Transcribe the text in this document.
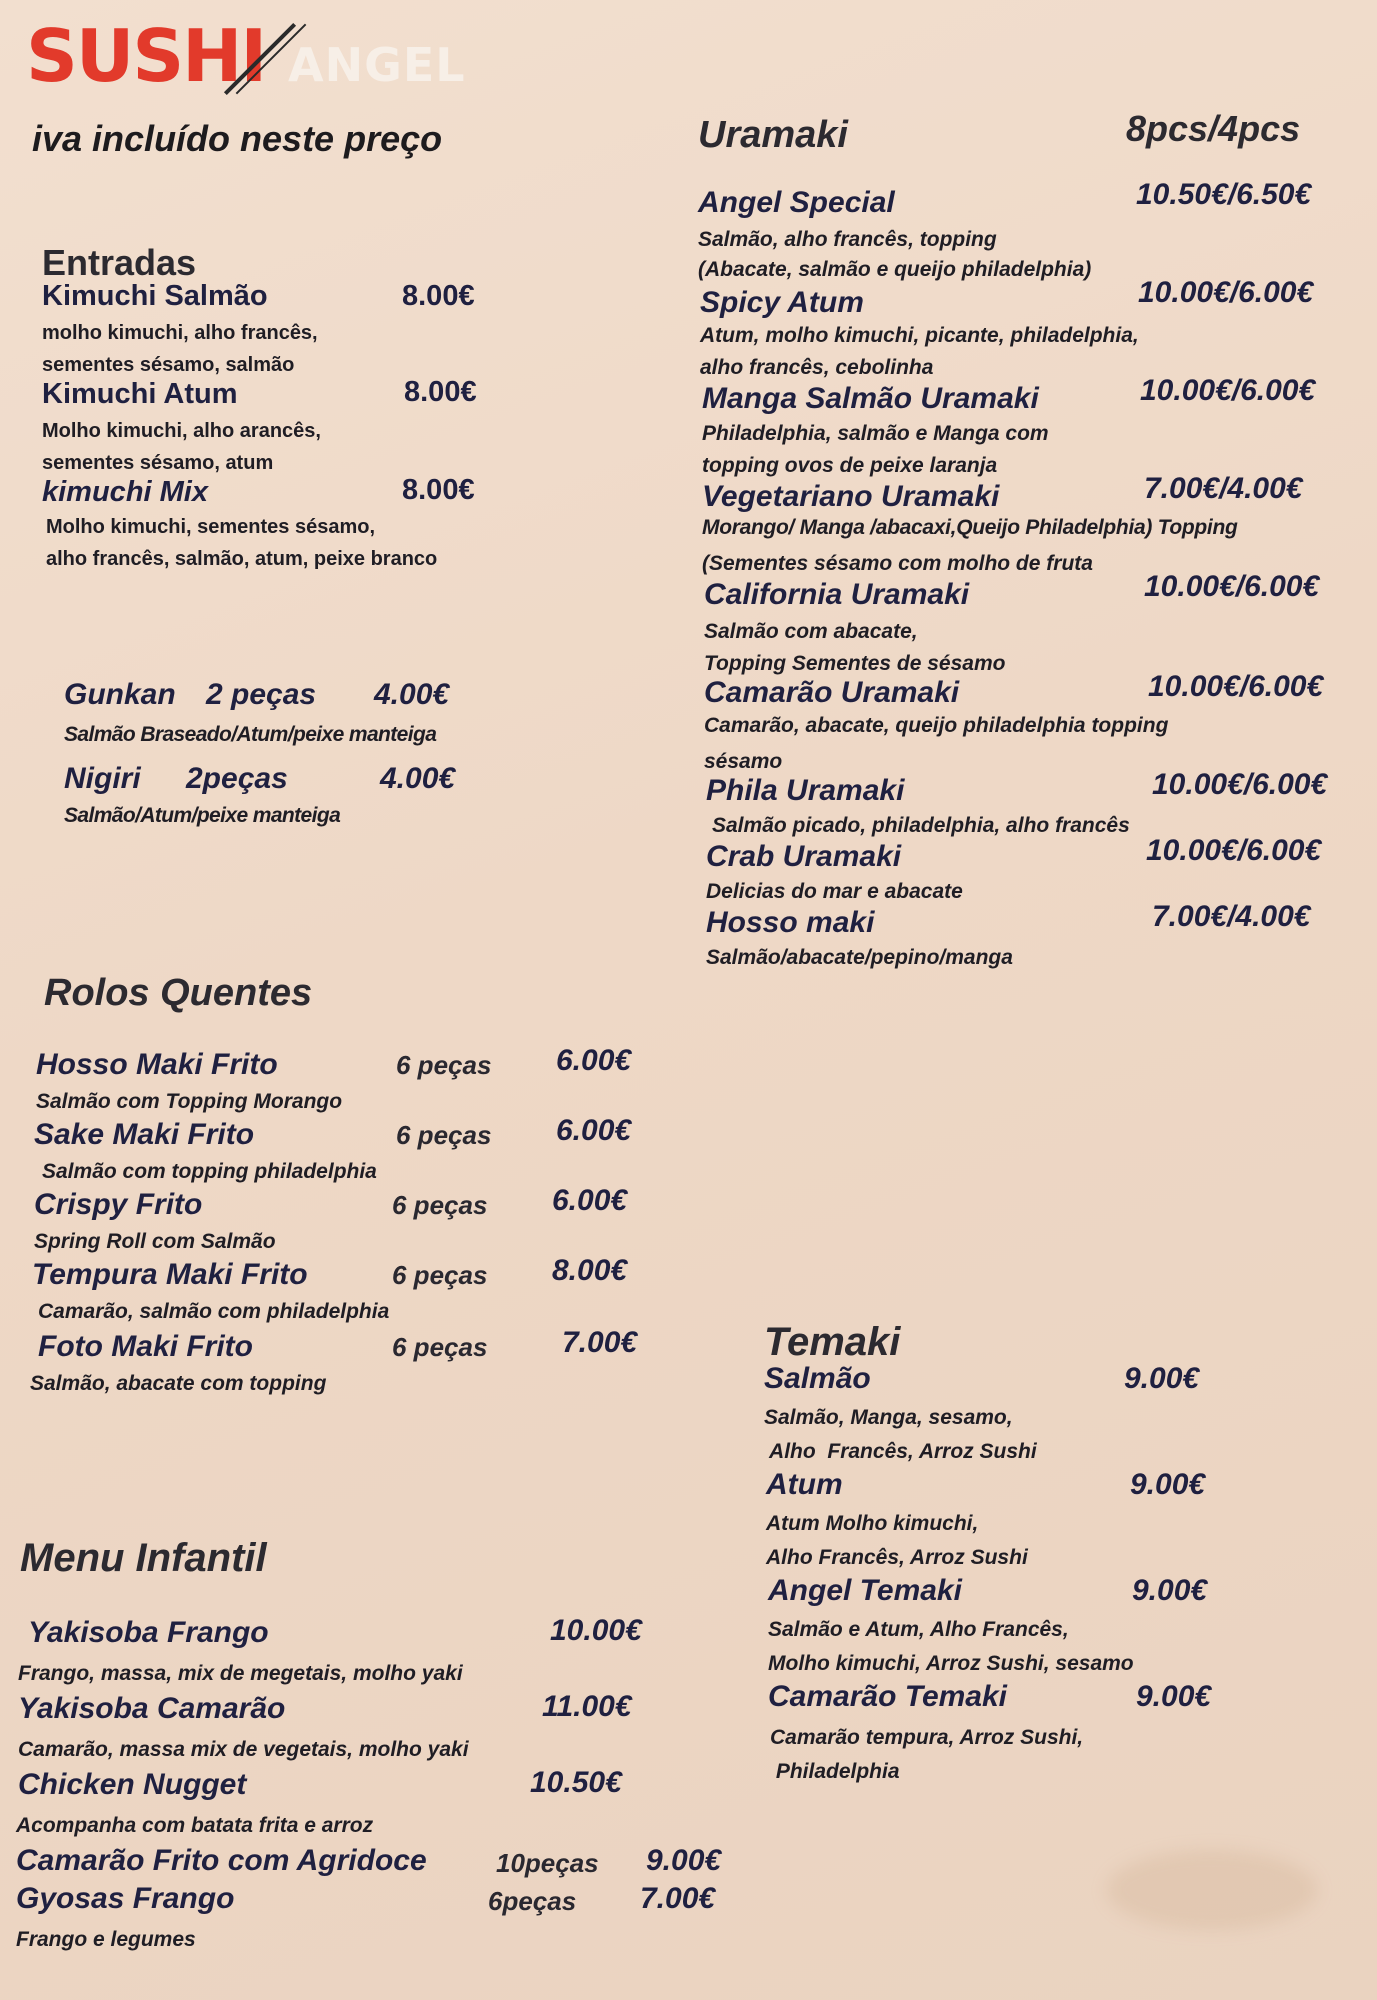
SUSHI ANGEL
iva incluído neste preço
Entradas
Kimuchi Salmão	8.00€
molho kimuchi, alho francês,
sementes sésamo, salmão
Kimuchi Atum	8.00€
Molho kimuchi, alho arancês,
sementes sésamo, atum
kimuchi Mix	8.00€
Molho kimuchi, sementes sésamo,
alho francês, salmão, atum, peixe branco
Gunkan 2 peças 4.00€
Salmão Braseado/Atum/peixe manteiga
Nigiri 2peças	4.00€
Salmão/Atum/peixe manteiga
Rolos Quentes
Hosso Maki Frito	6 peças 6.00€
Salmão com Topping Morango
Sake Maki Frito	6 peças 6.00€
Salmão com topping philadelphia
Crispy Frito	6 peças 6.00€
Spring Roll com Salmão
Tempura Maki Frito	6 peças 8.00€
Camarão, salmão com philadelphia
Foto Maki Frito	6 peças 7.00€
Salmão, abacate com topping
Menu Infantil
Yakisoba Frango	10.00€
Frango, massa, mix de megetais, molho yaki
Yakisoba Camarão	11.00€
Camarão, massa mix de vegetais, molho yaki
Chicken Nugget	10.50€
Acompanha com batata frita e arroz
Camarão Frito com Agridoce	10peças 9.00€
Gyosas Frango	6peças 7.00€
Frango e legumes
Uramaki	8pcs/4pcs
Angel Special	10.50€/6.50€
Salmão, alho francês, topping
(Abacate, salmão e queijo philadelphia)
Spicy Atum	10.00€/6.00€
Atum, molho kimuchi, picante, philadelphia,
alho francês, cebolinha
Manga Salmão Uramaki	10.00€/6.00€
Philadelphia, salmão e Manga com
topping ovos de peixe laranja
Vegetariano Uramaki	7.00€/4.00€
Morango/ Manga /abacaxi,Queijo Philadelphia) Topping
(Sementes sésamo com molho de fruta
California Uramaki	10.00€/6.00€
Salmão com abacate,
Topping Sementes de sésamo
Camarão Uramaki	10.00€/6.00€
Camarão, abacate, queijo philadelphia topping
sésamo
Phila Uramaki	10.00€/6.00€
Salmão picado, philadelphia, alho francês
Crab Uramaki	10.00€/6.00€
Delicias do mar e abacate
Hosso maki	7.00€/4.00€
Salmão/abacate/pepino/manga
Temaki
Salmão	9.00€
Salmão, Manga, sesamo,
Alho  Francês, Arroz Sushi
Atum	9.00€
Atum Molho kimuchi,
Alho Francês, Arroz Sushi
Angel Temaki	9.00€
Salmão e Atum, Alho Francês,
Molho kimuchi, Arroz Sushi, sesamo
Camarão Temaki	9.00€
Camarão tempura, Arroz Sushi,
Philadelphia
